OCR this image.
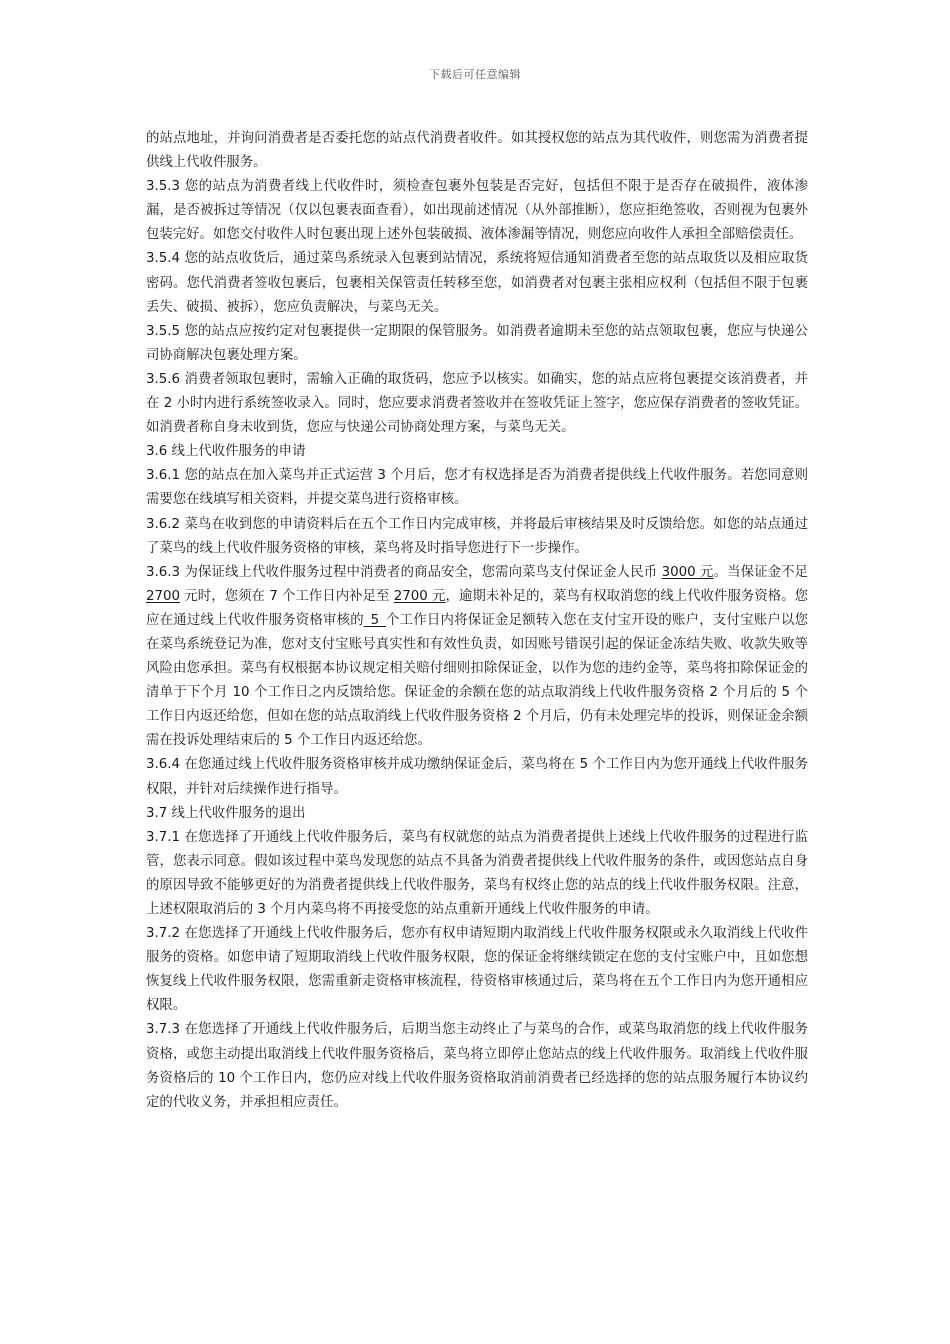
下载后可任意编辑

的站点地址，并询问消费者是否委托您的站点代消费者收件。如其授权您的站点为其代收件，则您需为消费者提供线上代收件服务。

3.5.3 您的站点为消费者线上代收件时，须检查包裹外包装是否完好，包括但不限于是否存在破损件，液体渗漏，是否被拆过等情况（仅以包裹表面查看），如出现前述情况（从外部推断），您应拒绝签收，否则视为包裹外包装完好。如您交付收件人时包裹出现上述外包装破损、液体渗漏等情况，则您应向收件人承担全部赔偿责任。

3.5.4 您的站点收货后，通过菜鸟系统录入包裹到站情况，系统将短信通知消费者至您的站点取货以及相应取货密码。您代消费者签收包裹后，包裹相关保管责任转移至您，如消费者对包裹主张相应权利（包括但不限于包裹丢失、破损、被拆），您应负责解决，与菜鸟无关。

3.5.5 您的站点应按约定对包裹提供一定期限的保管服务。如消费者逾期未至您的站点领取包裹，您应与快递公司协商解决包裹处理方案。

3.5.6 消费者领取包裹时，需输入正确的取货码，您应予以核实。如确实，您的站点应将包裹提交该消费者，并在 2 小时内进行系统签收录入。同时，您应要求消费者签收并在签收凭证上签字，您应保存消费者的签收凭证。如消费者称自身未收到货，您应与快递公司协商处理方案，与菜鸟无关。

3.6 线上代收件服务的申请

3.6.1 您的站点在加入菜鸟并正式运营 3 个月后，您才有权选择是否为消费者提供线上代收件服务。若您同意则需要您在线填写相关资料，并提交菜鸟进行资格审核。

3.6.2 菜鸟在收到您的申请资料后在五个工作日内完成审核，并将最后审核结果及时反馈给您。如您的站点通过了菜鸟的线上代收件服务资格的审核，菜鸟将及时指导您进行下一步操作。

3.6.3 为保证线上代收件服务过程中消费者的商品安全，您需向菜鸟支付保证金人民币 3000 元。当保证金不足 2700 元时，您须在 7 个工作日内补足至 2700 元，逾期未补足的，菜鸟有权取消您的线上代收件服务资格。您应在通过线上代收件服务资格审核的_5_个工作日内将保证金足额转入您在支付宝开设的账户，支付宝账户以您在菜鸟系统登记为准，您对支付宝账号真实性和有效性负责，如因账号错误引起的保证金冻结失败、收款失败等风险由您承担。菜鸟有权根据本协议规定相关赔付细则扣除保证金，以作为您的违约金等，菜鸟将扣除保证金的清单于下个月 10 个工作日之内反馈给您。保证金的余额在您的站点取消线上代收件服务资格 2 个月后的 5 个工作日内返还给您，但如在您的站点取消线上代收件服务资格 2 个月后，仍有未处理完毕的投诉，则保证金余额需在投诉处理结束后的 5 个工作日内返还给您。

3.6.4 在您通过线上代收件服务资格审核并成功缴纳保证金后，菜鸟将在 5 个工作日内为您开通线上代收件服务权限，并针对后续操作进行指导。

3.7 线上代收件服务的退出

3.7.1 在您选择了开通线上代收件服务后，菜鸟有权就您的站点为消费者提供上述线上代收件服务的过程进行监管，您表示同意。假如该过程中菜鸟发现您的站点不具备为消费者提供线上代收件服务的条件，或因您站点自身的原因导致不能够更好的为消费者提供线上代收件服务，菜鸟有权终止您的站点的线上代收件服务权限。注意，上述权限取消后的 3 个月内菜鸟将不再接受您的站点重新开通线上代收件服务的申请。

3.7.2 在您选择了开通线上代收件服务后，您亦有权申请短期内取消线上代收件服务权限或永久取消线上代收件服务的资格。如您申请了短期取消线上代收件服务权限，您的保证金将继续锁定在您的支付宝账户中，且如您想恢复线上代收件服务权限，您需重新走资格审核流程，待资格审核通过后，菜鸟将在五个工作日内为您开通相应权限。

3.7.3 在您选择了开通线上代收件服务后，后期当您主动终止了与菜鸟的合作，或菜鸟取消您的线上代收件服务资格，或您主动提出取消线上代收件服务资格后，菜鸟将立即停止您站点的线上代收件服务。取消线上代收件服务资格后的 10 个工作日内，您仍应对线上代收件服务资格取消前消费者已经选择的您的站点服务履行本协议约定的代收义务，并承担相应责任。
